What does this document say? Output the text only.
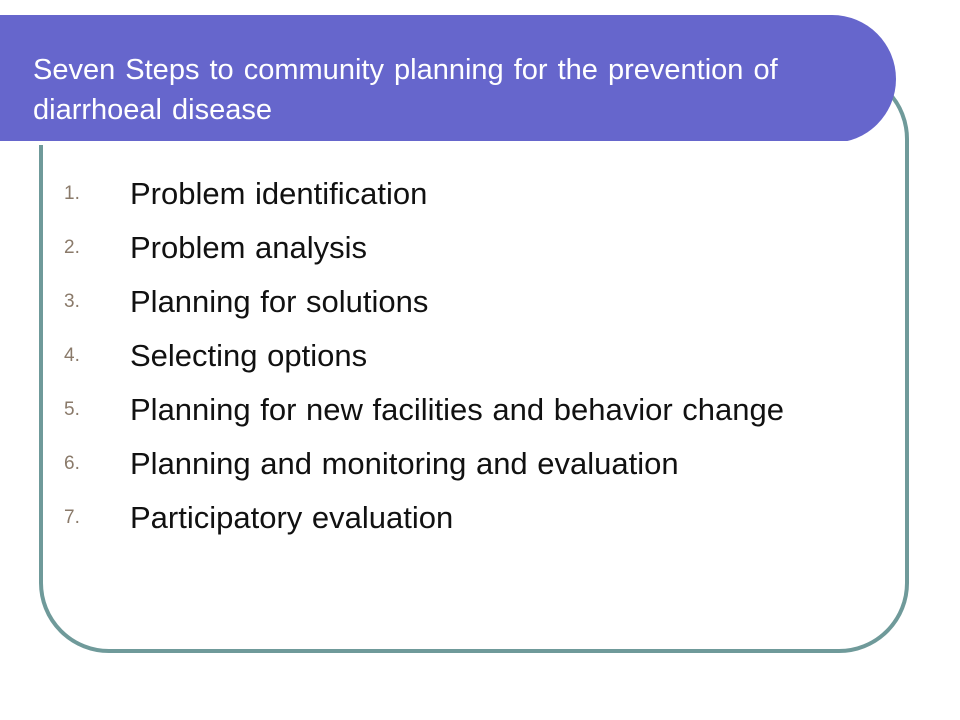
Seven Steps to community planning for the prevention of diarrhoeal disease
1. Problem identification
2. Problem analysis
3. Planning for solutions
4. Selecting options
5. Planning for new facilities and behavior change
6. Planning and monitoring and evaluation
7. Participatory evaluation
